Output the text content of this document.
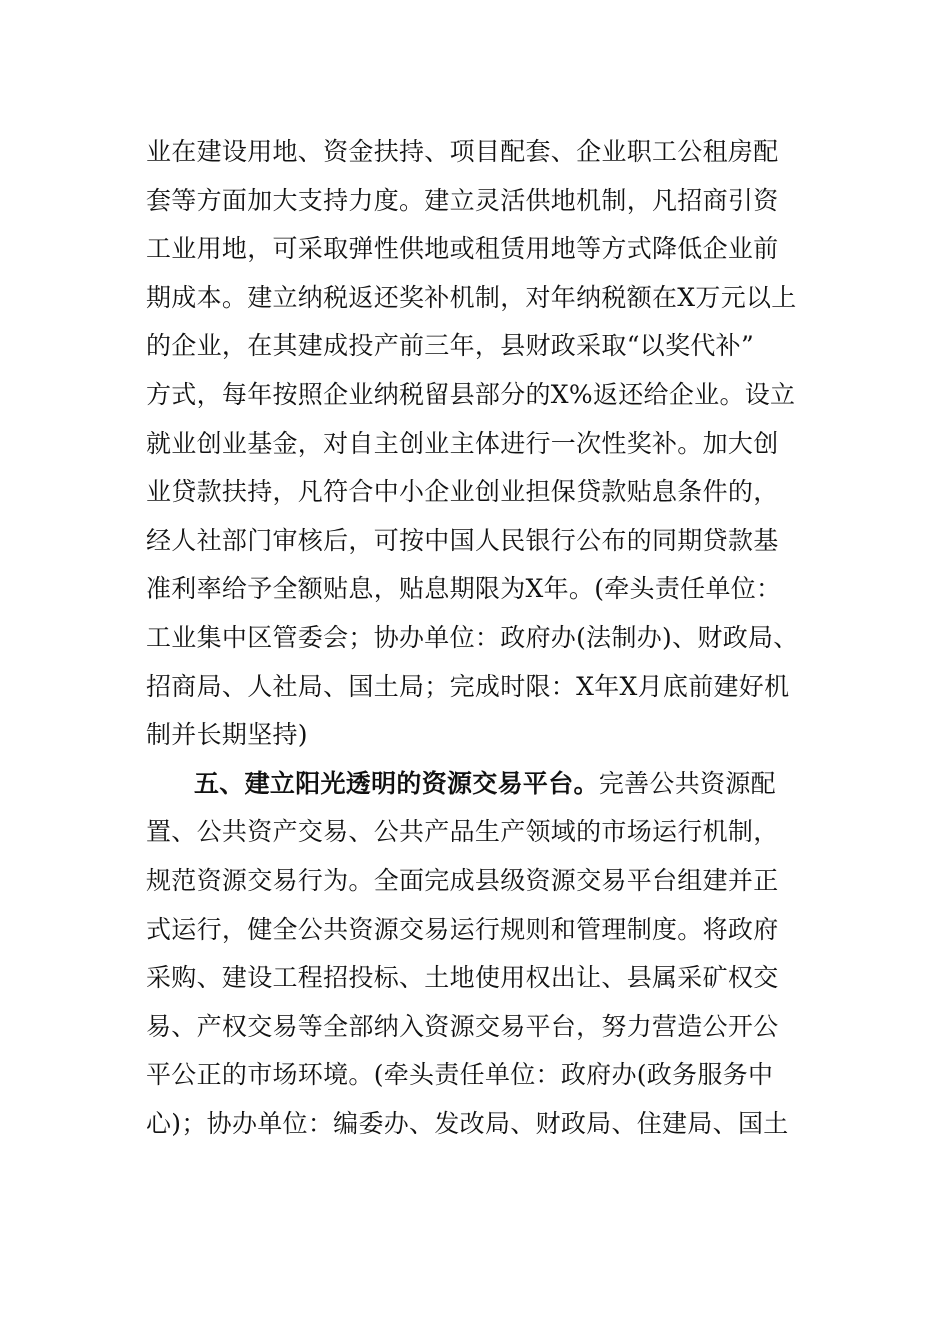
业在建设用地、资金扶持、项目配套、企业职工公租房配
套等方面加大支持力度。建立灵活供地机制，凡招商引资
工业用地，可采取弹性供地或租赁用地等方式降低企业前
期成本。建立纳税返还奖补机制，对年纳税额在X万元以上
的企业，在其建成投产前三年，县财政采取“以奖代补”
方式，每年按照企业纳税留县部分的X%返还给企业。设立
就业创业基金，对自主创业主体进行一次性奖补。加大创
业贷款扶持，凡符合中小企业创业担保贷款贴息条件的，
经人社部门审核后，可按中国人民银行公布的同期贷款基
准利率给予全额贴息，贴息期限为X年。(牵头责任单位：
工业集中区管委会；协办单位：政府办(法制办)、财政局、
招商局、人社局、国土局；完成时限：X年X月底前建好机
制并长期坚持)
五、建立阳光透明的资源交易平台。完善公共资源配
置、公共资产交易、公共产品生产领域的市场运行机制，
规范资源交易行为。全面完成县级资源交易平台组建并正
式运行，健全公共资源交易运行规则和管理制度。将政府
采购、建设工程招投标、土地使用权出让、县属采矿权交
易、产权交易等全部纳入资源交易平台，努力营造公开公
平公正的市场环境。(牵头责任单位：政府办(政务服务中
心)；协办单位：编委办、发改局、财政局、住建局、国土
